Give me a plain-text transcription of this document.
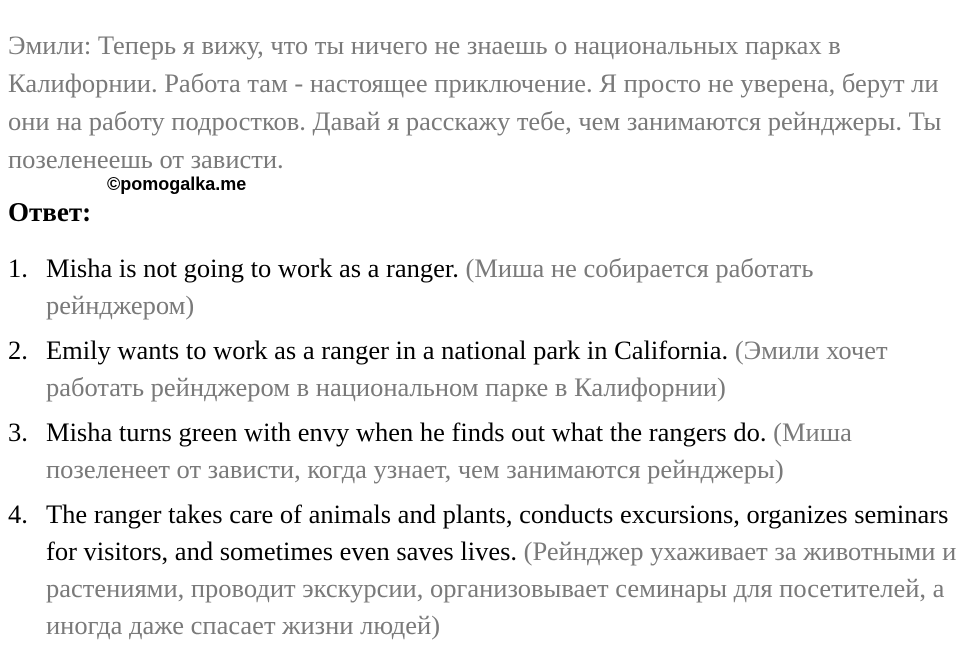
Эмили: Теперь я вижу, что ты ничего не знаешь о национальных парках в Калифорнии. Работа там - настоящее приключение. Я просто не уверена, берут ли они на работу подростков. Давай я расскажу тебе, чем занимаются рейнджеры. Ты позеленеешь от зависти.

©pomogalka.me

Ответ:

1. Misha is not going to work as a ranger. (Миша не собирается работать рейнджером)
2. Emily wants to work as a ranger in a national park in California. (Эмили хочет работать рейнджером в национальном парке в Калифорнии)
3. Misha turns green with envy when he finds out what the rangers do. (Миша позеленеет от зависти, когда узнает, чем занимаются рейнджеры)
4. The ranger takes care of animals and plants, conducts excursions, organizes seminars for visitors, and sometimes even saves lives. (Рейнджер ухаживает за животными и растениями, проводит экскурсии, организовывает семинары для посетителей, а иногда даже спасает жизни людей)
